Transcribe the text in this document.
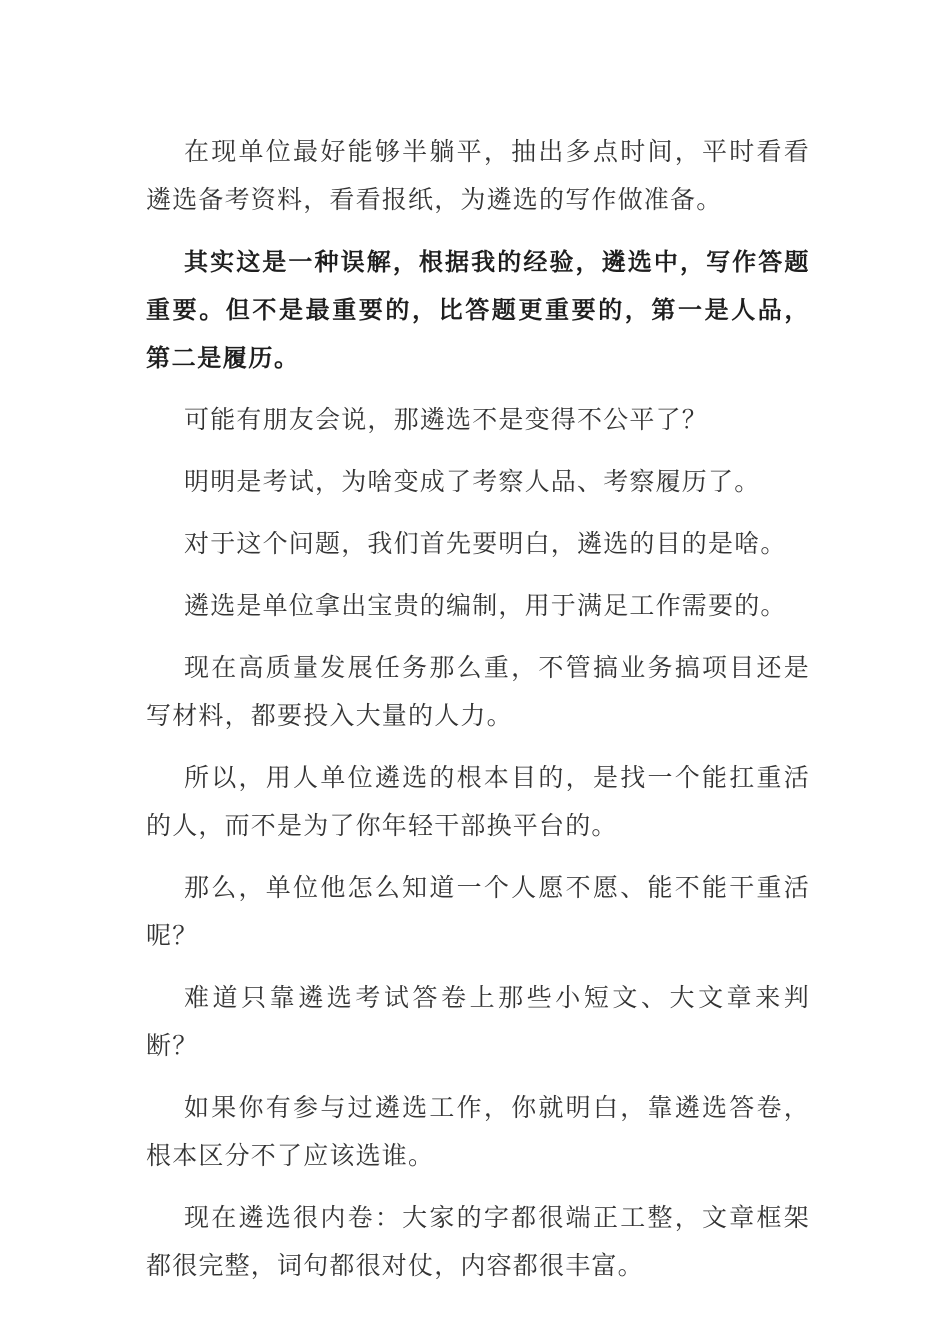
在现单位最好能够半躺平，抽出多点时间，平时看看遴选备考资料，看看报纸，为遴选的写作做准备。

其实这是一种误解，根据我的经验，遴选中，写作答题重要。但不是最重要的，比答题更重要的，第一是人品，第二是履历。

可能有朋友会说，那遴选不是变得不公平了？

明明是考试，为啥变成了考察人品、考察履历了。

对于这个问题，我们首先要明白，遴选的目的是啥。

遴选是单位拿出宝贵的编制，用于满足工作需要的。

现在高质量发展任务那么重，不管搞业务搞项目还是写材料，都要投入大量的人力。

所以，用人单位遴选的根本目的，是找一个能扛重活的人，而不是为了你年轻干部换平台的。

那么，单位他怎么知道一个人愿不愿、能不能干重活呢？

难道只靠遴选考试答卷上那些小短文、大文章来判断？

如果你有参与过遴选工作，你就明白，靠遴选答卷，根本区分不了应该选谁。

现在遴选很内卷：大家的字都很端正工整，文章框架都很完整，词句都很对仗，内容都很丰富。
